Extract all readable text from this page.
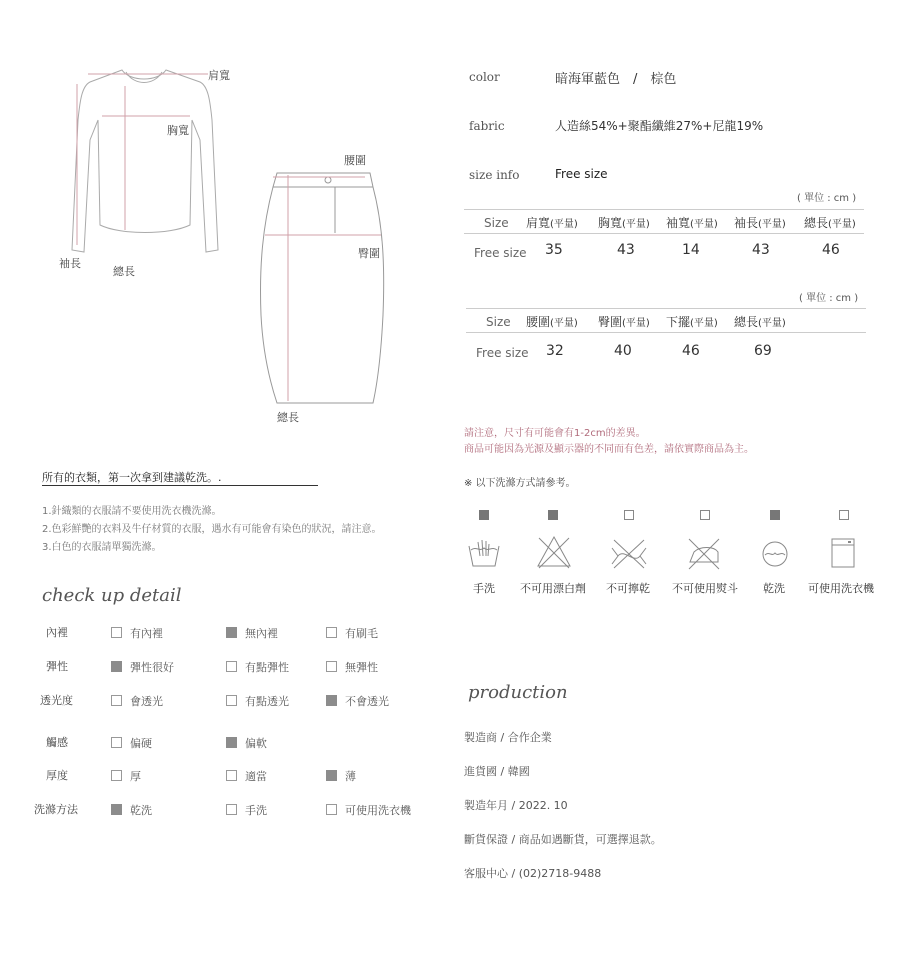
肩寬
胸寬
袖長
總長
腰圍
臀圍
總長
color	暗海軍藍色　/　棕色
fabric	人造絲54%+聚酯纖維27%+尼龍19%
size info	Free size
( 單位 : cm )
Size 肩寬(平量) 胸寬(平量) 袖寬(平量) 袖長(平量) 總長(平量)
Free size 35	43	14	43	46
( 單位 : cm )
Size 腰圍(平量) 臀圍(平量) 下擺(平量) 總長(平量)
Free size 32	40	46	69
請注意，尺寸有可能會有1-2cm的差異。
商品可能因為光源及顯示器的不同而有色差，請依實際商品為主。
※ 以下洗滌方式請參考。
所有的衣類，第一次拿到建議乾洗。.
1.針織類的衣服請不要使用洗衣機洗滌。
2.色彩鮮艷的衣料及牛仔材質的衣服，遇水有可能會有染色的狀況，請注意。
3.白色的衣服請單獨洗滌。
手洗 不可用漂白劑 不可擰乾 不可使用熨斗 乾洗 可使用洗衣機
check up detail
內裡	有內裡	無內裡	有刷毛
彈性	彈性很好	有點彈性	無彈性
透光度	會透光	有點透光	不會透光
觸感	偏硬	偏軟
厚度	厚	適當	薄
洗滌方法	乾洗	手洗	可使用洗衣機
production
製造商 / 合作企業
進貨國 / 韓國
製造年月 / 2022. 10
斷貨保證 / 商品如遇斷貨，可選擇退款。
客服中心 / (02)2718-9488
